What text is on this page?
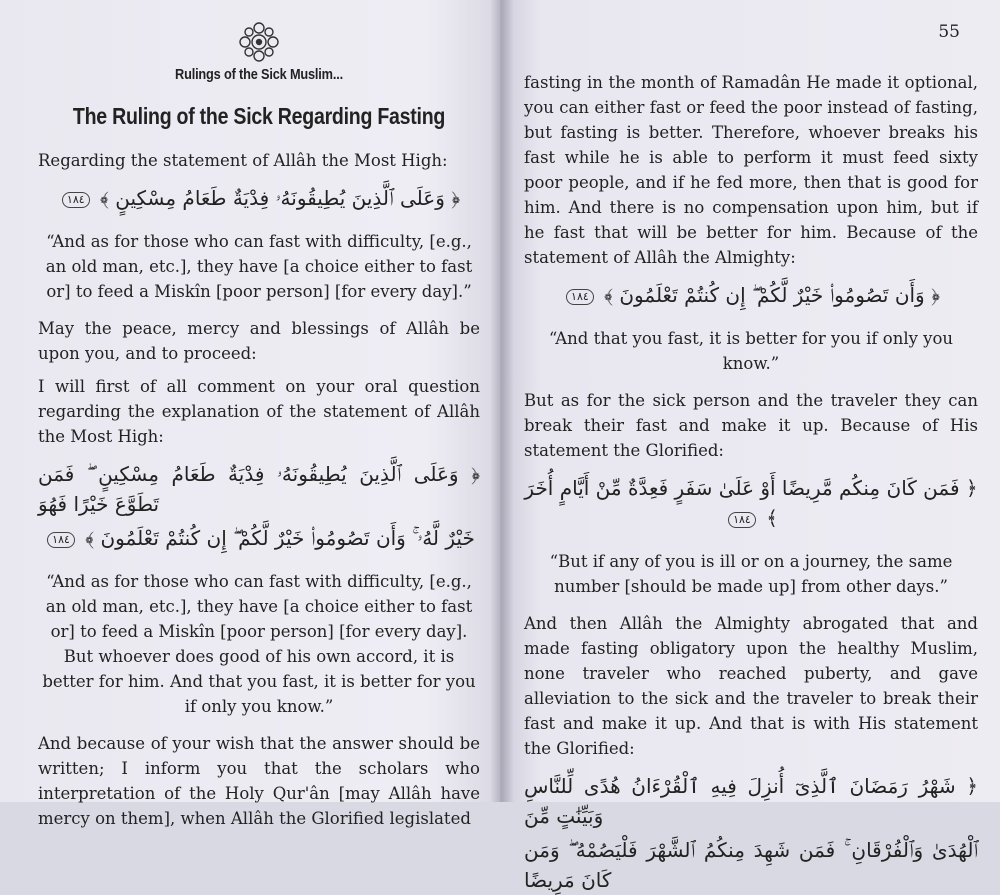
Rulings of the Sick Muslim...
The Ruling of the Sick Regarding Fasting

Regarding the statement of Allâh the Most High:

﴿ وَعَلَى ٱلَّذِينَ يُطِيقُونَهُۥ فِدْيَةٌ طَعَامُ مِسْكِينٍ ﴾ ١٨٤

“And as for those who can fast with difficulty, [e.g., an old man, etc.], they have [a choice either to fast or] to feed a Miskîn [poor person] [for every day].”

May the peace, mercy and blessings of Allâh be upon you, and to proceed:

I will first of all comment on your oral question regarding the explanation of the statement of Allâh the Most High:

﴿ وَعَلَى ٱلَّذِينَ يُطِيقُونَهُۥ فِدْيَةٌ طَعَامُ مِسْكِينٍ ۖ فَمَن تَطَوَّعَ خَيْرًا فَهُوَ
خَيْرٌ لَّهُۥ ۚ وَأَن تَصُومُوا۟ خَيْرٌ لَّكُمْ ۖ إِن كُنتُمْ تَعْلَمُونَ ﴾ ١٨٤

“And as for those who can fast with difficulty, [e.g., an old man, etc.], they have [a choice either to fast or] to feed a Miskîn [poor person] [for every day]. But whoever does good of his own accord, it is better for him. And that you fast, it is better for you if only you know.”

And because of your wish that the answer should be written; I inform you that the scholars who interpretation of the Holy Qur'ân [may Allâh have mercy on them], when Allâh the Glorified legislated

55

fasting in the month of Ramadân He made it optional, you can either fast or feed the poor instead of fasting, but fasting is better. Therefore, whoever breaks his fast while he is able to perform it must feed sixty poor people, and if he fed more, then that is good for him. And there is no compensation upon him, but if he fast that will be better for him. Because of the statement of Allâh the Almighty:

﴿ وَأَن تَصُومُوا۟ خَيْرٌ لَّكُمْ ۖ إِن كُنتُمْ تَعْلَمُونَ ﴾ ١٨٤

“And that you fast, it is better for you if only you know.”

But as for the sick person and the traveler they can break their fast and make it up. Because of His statement the Glorified:

﴿ فَمَن كَانَ مِنكُم مَّرِيضًا أَوْ عَلَىٰ سَفَرٍ فَعِدَّةٌ مِّنْ أَيَّامٍ أُخَرَ ﴾ ١٨٤

“But if any of you is ill or on a journey, the same number [should be made up] from other days.”

And then Allâh the Almighty abrogated that and made fasting obligatory upon the healthy Muslim, none traveler who reached puberty, and gave alleviation to the sick and the traveler to break their fast and make it up. And that is with His statement the Glorified:

﴿ شَهْرُ رَمَضَانَ ٱلَّذِىٓ أُنزِلَ فِيهِ ٱلْقُرْءَانُ هُدًى لِّلنَّاسِ وَبَيِّنَٰتٍ مِّنَ
ٱلْهُدَىٰ وَٱلْفُرْقَانِ ۚ فَمَن شَهِدَ مِنكُمُ ٱلشَّهْرَ فَلْيَصُمْهُ ۖ وَمَن كَانَ مَرِيضًا
